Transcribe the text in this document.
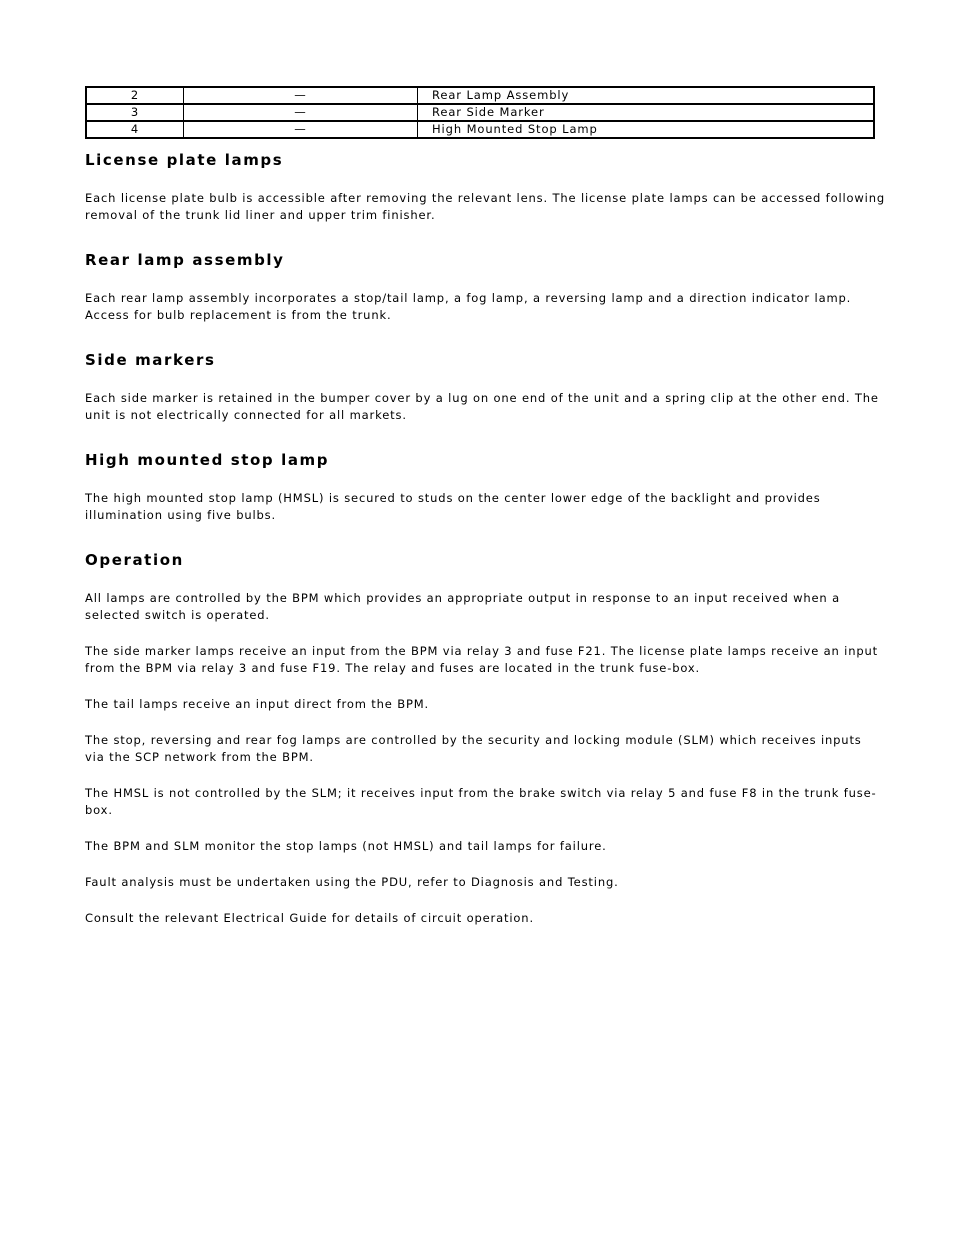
2	—	Rear Lamp Assembly
3	—	Rear Side Marker
4	—	High Mounted Stop Lamp
License plate lamps

Each license plate bulb is accessible after removing the relevant lens. The license plate lamps can be accessed following removal of the trunk lid liner and upper trim finisher.

Rear lamp assembly

Each rear lamp assembly incorporates a stop/tail lamp, a fog lamp, a reversing lamp and a direction indicator lamp. Access for bulb replacement is from the trunk.

Side markers

Each side marker is retained in the bumper cover by a lug on one end of the unit and a spring clip at the other end. The unit is not electrically connected for all markets.

High mounted stop lamp

The high mounted stop lamp (HMSL) is secured to studs on the center lower edge of the backlight and provides illumination using five bulbs.

Operation

All lamps are controlled by the BPM which provides an appropriate output in response to an input received when a selected switch is operated.

The side marker lamps receive an input from the BPM via relay 3 and fuse F21. The license plate lamps receive an input from the BPM via relay 3 and fuse F19. The relay and fuses are located in the trunk fuse-box.

The tail lamps receive an input direct from the BPM.

The stop, reversing and rear fog lamps are controlled by the security and locking module (SLM) which receives inputs via the SCP network from the BPM.

The HMSL is not controlled by the SLM; it receives input from the brake switch via relay 5 and fuse F8 in the trunk fuse-box.

The BPM and SLM monitor the stop lamps (not HMSL) and tail lamps for failure.

Fault analysis must be undertaken using the PDU, refer to Diagnosis and Testing.

Consult the relevant Electrical Guide for details of circuit operation.
